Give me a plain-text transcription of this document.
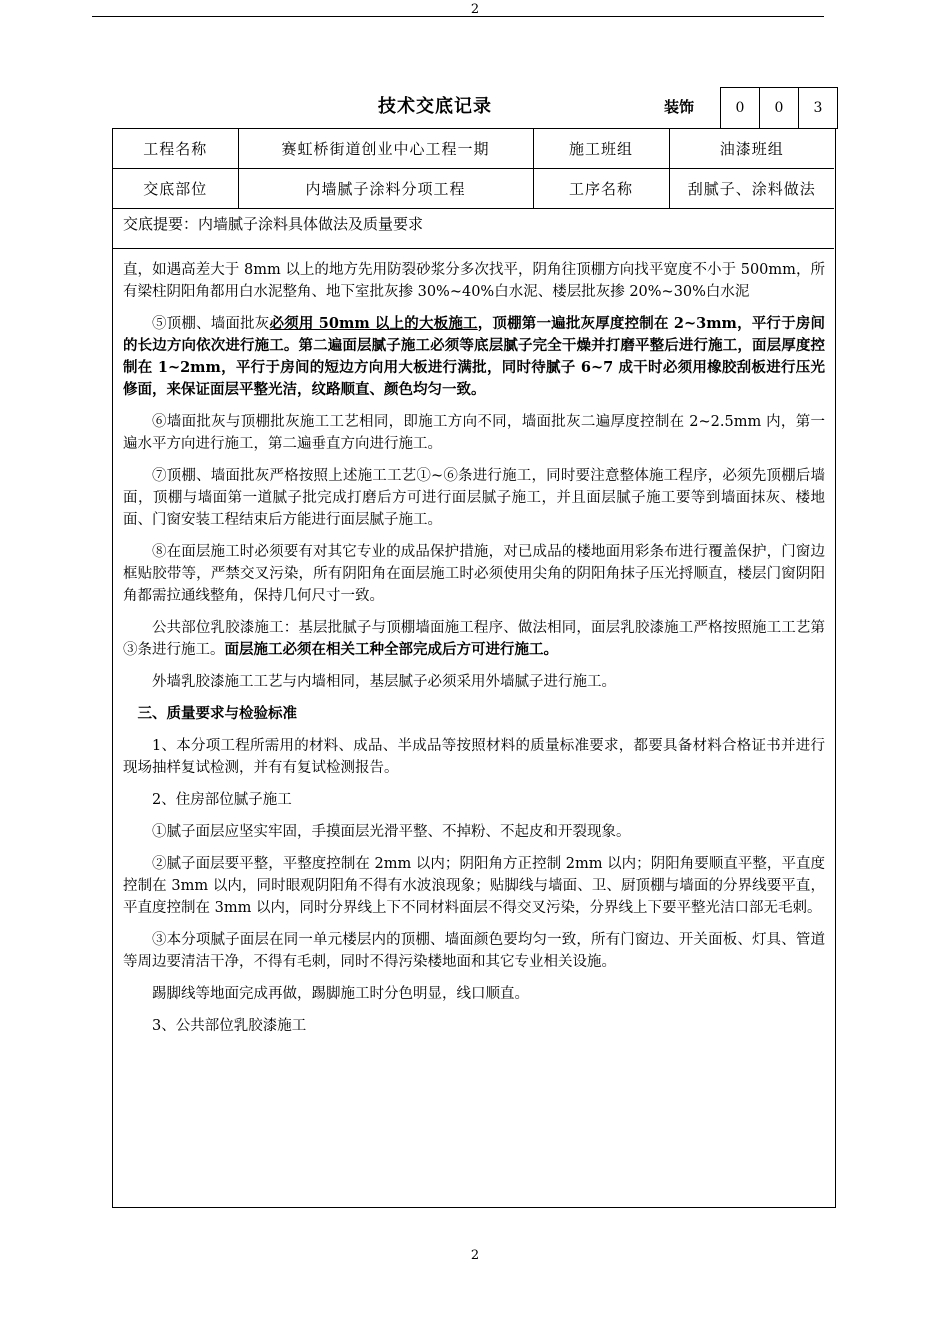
2
技术交底记录	装饰	0	0	3
工程名称	赛虹桥街道创业中心工程一期	施工班组	油漆班组
交底部位	内墙腻子涂料分项工程	工序名称	刮腻子、涂料做法
交底提要：内墙腻子涂料具体做法及质量要求

直，如遇高差大于 8mm 以上的地方先用防裂砂浆分多次找平，阴角往顶棚方向找平宽度不小于 500mm，所有梁柱阴阳角都用白水泥整角、地下室批灰掺 30%~40%白水泥、楼层批灰掺 20%~30%白水泥

⑤顶棚、墙面批灰必须用 50mm 以上的大板施工，顶棚第一遍批灰厚度控制在 2~3mm，平行于房间的长边方向依次进行施工。第二遍面层腻子施工必须等底层腻子完全干燥并打磨平整后进行施工，面层厚度控制在 1~2mm，平行于房间的短边方向用大板进行满批，同时待腻子 6~7 成干时必须用橡胶刮板进行压光修面，来保证面层平整光洁，纹路顺直、颜色均匀一致。

⑥墙面批灰与顶棚批灰施工工艺相同，即施工方向不同，墙面批灰二遍厚度控制在 2~2.5mm 内，第一遍水平方向进行施工，第二遍垂直方向进行施工。

⑦顶棚、墙面批灰严格按照上述施工工艺①~⑥条进行施工，同时要注意整体施工程序，必须先顶棚后墙面，顶棚与墙面第一道腻子批完成打磨后方可进行面层腻子施工，并且面层腻子施工要等到墙面抹灰、楼地面、门窗安装工程结束后方能进行面层腻子施工。

⑧在面层施工时必须要有对其它专业的成品保护措施，对已成品的楼地面用彩条布进行覆盖保护，门窗边框贴胶带等，严禁交叉污染，所有阴阳角在面层施工时必须使用尖角的阴阳角抹子压光捋顺直，楼层门窗阴阳角都需拉通线整角，保持几何尺寸一致。

公共部位乳胶漆施工：基层批腻子与顶棚墙面施工程序、做法相同，面层乳胶漆施工严格按照施工工艺第③条进行施工。面层施工必须在相关工种全部完成后方可进行施工。

外墙乳胶漆施工工艺与内墙相同，基层腻子必须采用外墙腻子进行施工。

三、质量要求与检验标准

1、本分项工程所需用的材料、成品、半成品等按照材料的质量标准要求，都要具备材料合格证书并进行现场抽样复试检测，并有有复试检测报告。

2、住房部位腻子施工

①腻子面层应坚实牢固，手摸面层光滑平整、不掉粉、不起皮和开裂现象。

②腻子面层要平整，平整度控制在 2mm 以内；阴阳角方正控制 2mm 以内；阴阳角要顺直平整，平直度控制在 3mm 以内，同时眼观阴阳角不得有水波浪现象；贴脚线与墙面、卫、厨顶棚与墙面的分界线要平直，平直度控制在 3mm 以内，同时分界线上下不同材料面层不得交叉污染，分界线上下要平整光洁口部无毛刺。

③本分项腻子面层在同一单元楼层内的顶棚、墙面颜色要均匀一致，所有门窗边、开关面板、灯具、管道等周边要清洁干净，不得有毛刺，同时不得污染楼地面和其它专业相关设施。

踢脚线等地面完成再做，踢脚施工时分色明显，线口顺直。

3、公共部位乳胶漆施工

2
